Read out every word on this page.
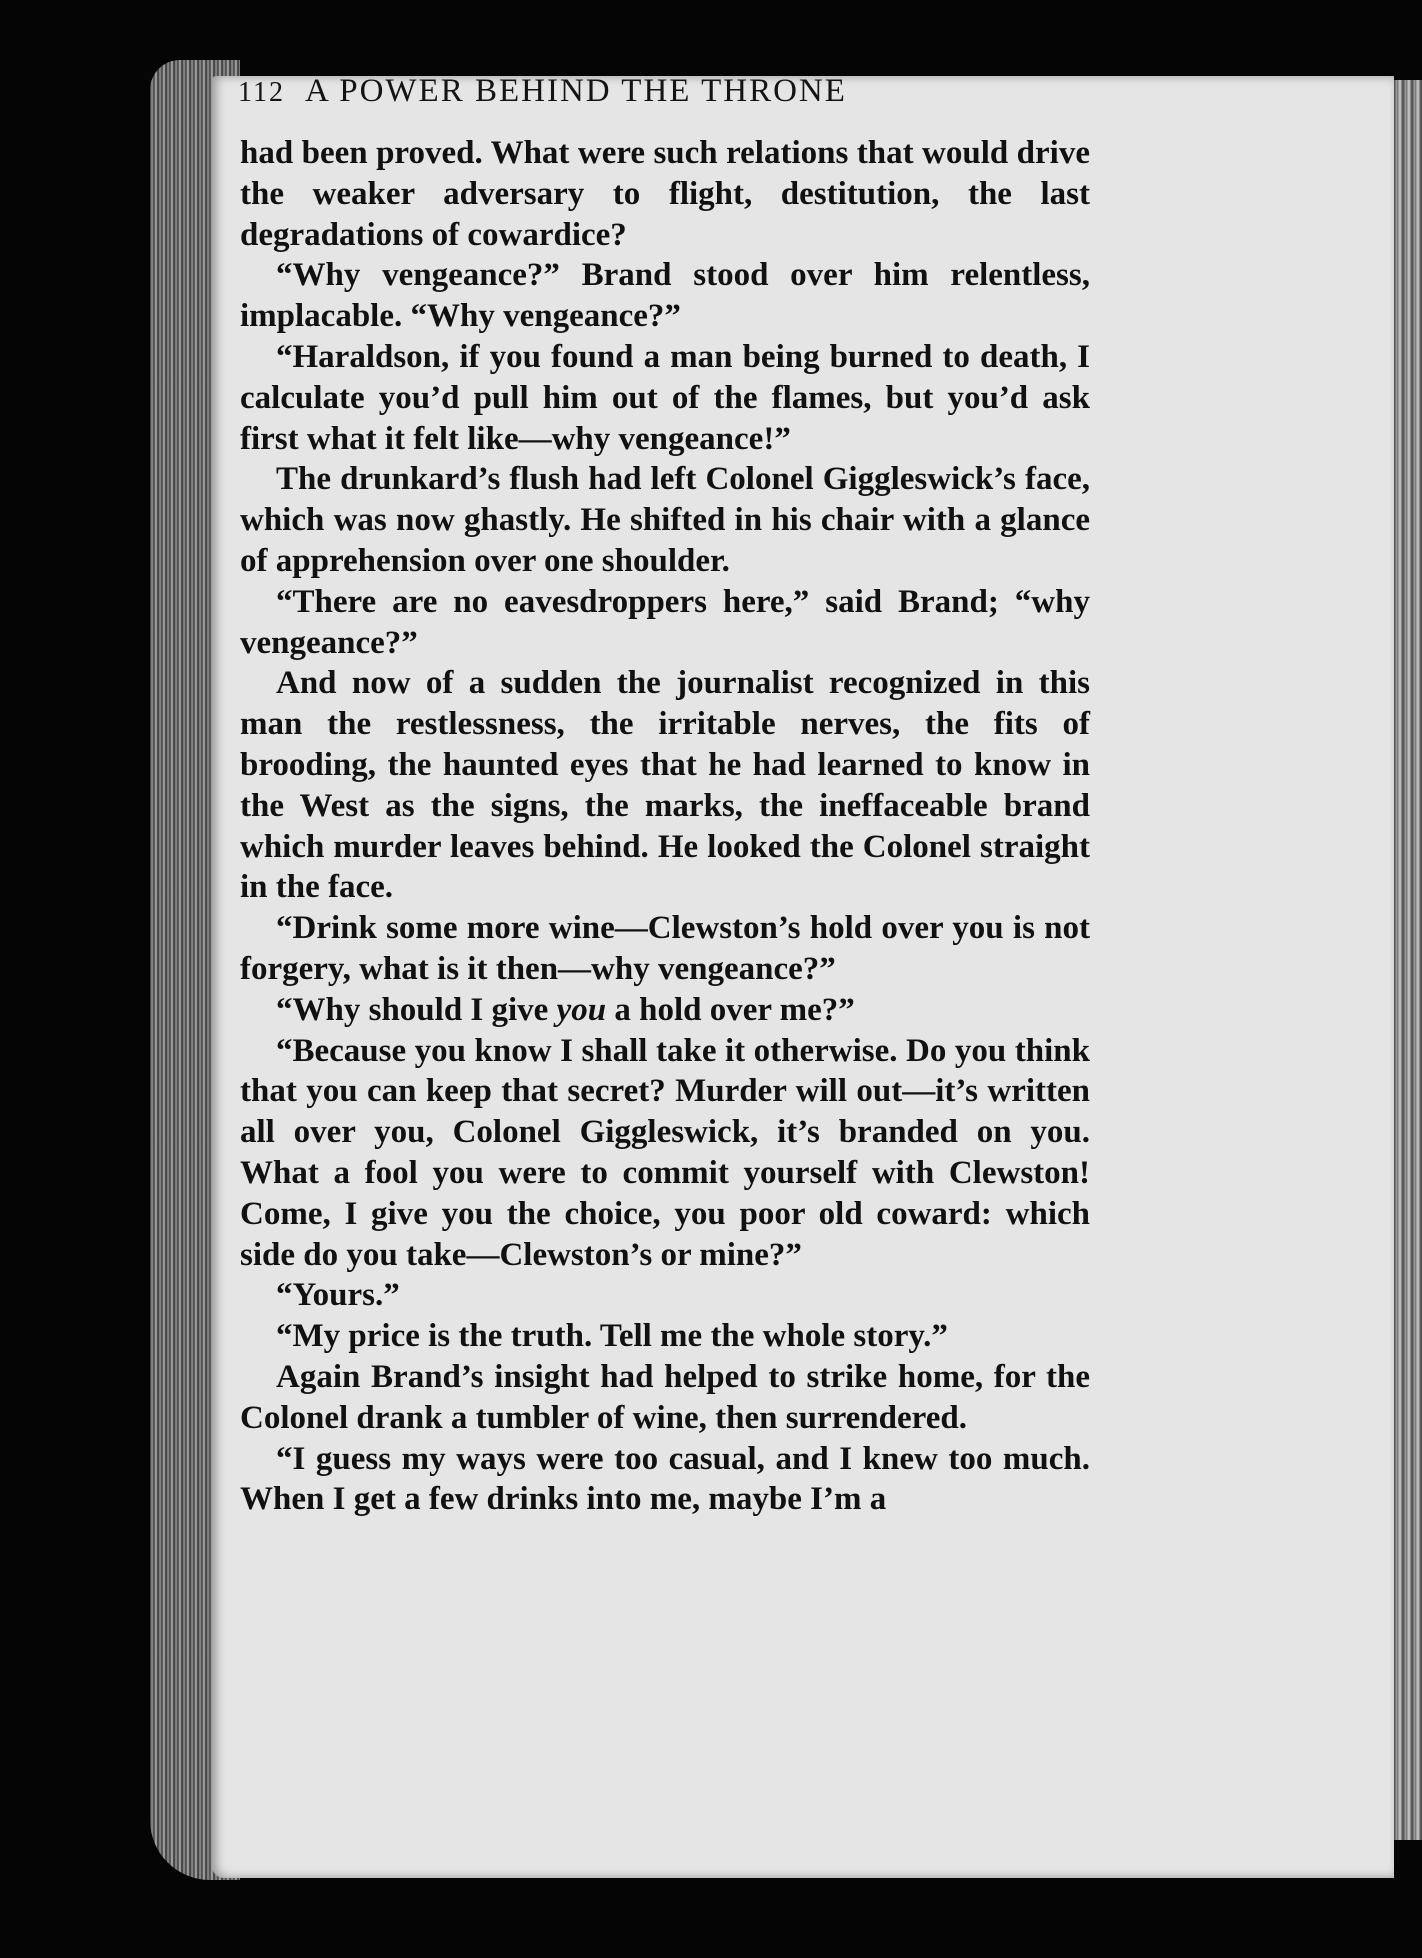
112 A POWER BEHIND THE THRONE

had been proved. What were such relations that would drive the weaker adversary to flight, destitution, the last degradations of cowardice?

“Why vengeance?” Brand stood over him relentless, implacable. “Why vengeance?”

“Haraldson, if you found a man being burned to death, I calculate you’d pull him out of the flames, but you’d ask first what it felt like—why vengeance!”

The drunkard’s flush had left Colonel Giggleswick’s face, which was now ghastly. He shifted in his chair with a glance of apprehension over one shoulder.

“There are no eavesdroppers here,” said Brand; “why vengeance?”

And now of a sudden the journalist recognized in this man the restlessness, the irritable nerves, the fits of brooding, the haunted eyes that he had learned to know in the West as the signs, the marks, the ineffaceable brand which murder leaves behind. He looked the Colonel straight in the face.

“Drink some more wine—Clewston’s hold over you is not forgery, what is it then—why vengeance?”

“Why should I give you a hold over me?”

“Because you know I shall take it otherwise. Do you think that you can keep that secret? Murder will out—it’s written all over you, Colonel Giggleswick, it’s branded on you. What a fool you were to commit yourself with Clewston! Come, I give you the choice, you poor old coward: which side do you take—Clewston’s or mine?”

“Yours.”

“My price is the truth. Tell me the whole story.”

Again Brand’s insight had helped to strike home, for the Colonel drank a tumbler of wine, then surrendered.

“I guess my ways were too casual, and I knew too much. When I get a few drinks into me, maybe I’m a
